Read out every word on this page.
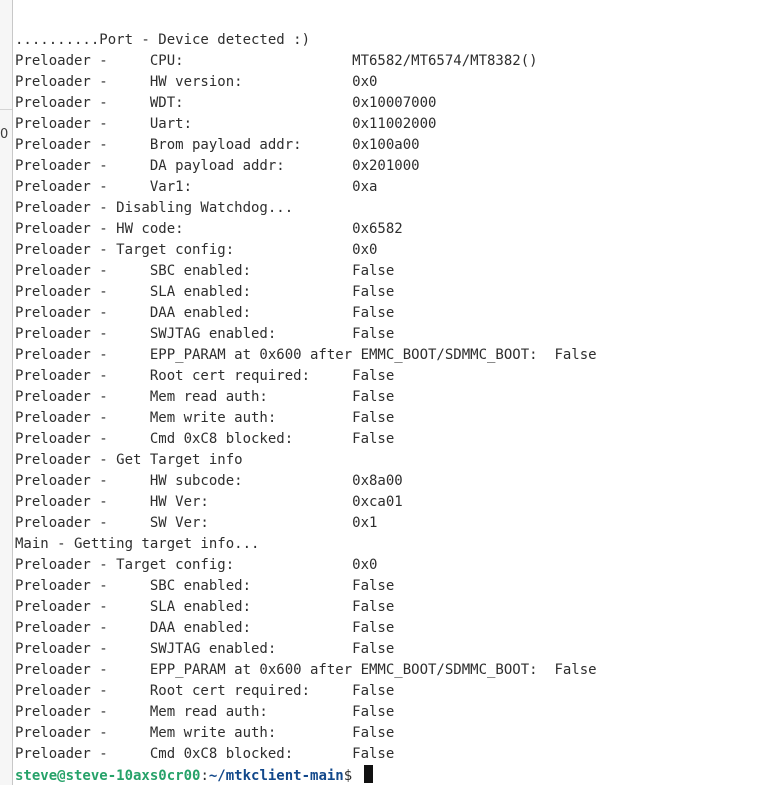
0
..........Port - Device detected :)
Preloader -     CPU:                    MT6582/MT6574/MT8382()
Preloader -     HW version:             0x0
Preloader -     WDT:                    0x10007000
Preloader -     Uart:                   0x11002000
Preloader -     Brom payload addr:      0x100a00
Preloader -     DA payload addr:        0x201000
Preloader -     Var1:                   0xa
Preloader - Disabling Watchdog...
Preloader - HW code:                    0x6582
Preloader - Target config:              0x0
Preloader -     SBC enabled:            False
Preloader -     SLA enabled:            False
Preloader -     DAA enabled:            False
Preloader -     SWJTAG enabled:         False
Preloader -     EPP_PARAM at 0x600 after EMMC_BOOT/SDMMC_BOOT:  False
Preloader -     Root cert required:     False
Preloader -     Mem read auth:          False
Preloader -     Mem write auth:         False
Preloader -     Cmd 0xC8 blocked:       False
Preloader - Get Target info
Preloader -     HW subcode:             0x8a00
Preloader -     HW Ver:                 0xca01
Preloader -     SW Ver:                 0x1
Main - Getting target info...
Preloader - Target config:              0x0
Preloader -     SBC enabled:            False
Preloader -     SLA enabled:            False
Preloader -     DAA enabled:            False
Preloader -     SWJTAG enabled:         False
Preloader -     EPP_PARAM at 0x600 after EMMC_BOOT/SDMMC_BOOT:  False
Preloader -     Root cert required:     False
Preloader -     Mem read auth:          False
Preloader -     Mem write auth:         False
Preloader -     Cmd 0xC8 blocked:       False
steve@steve-10axs0cr00:~/mtkclient-main$
